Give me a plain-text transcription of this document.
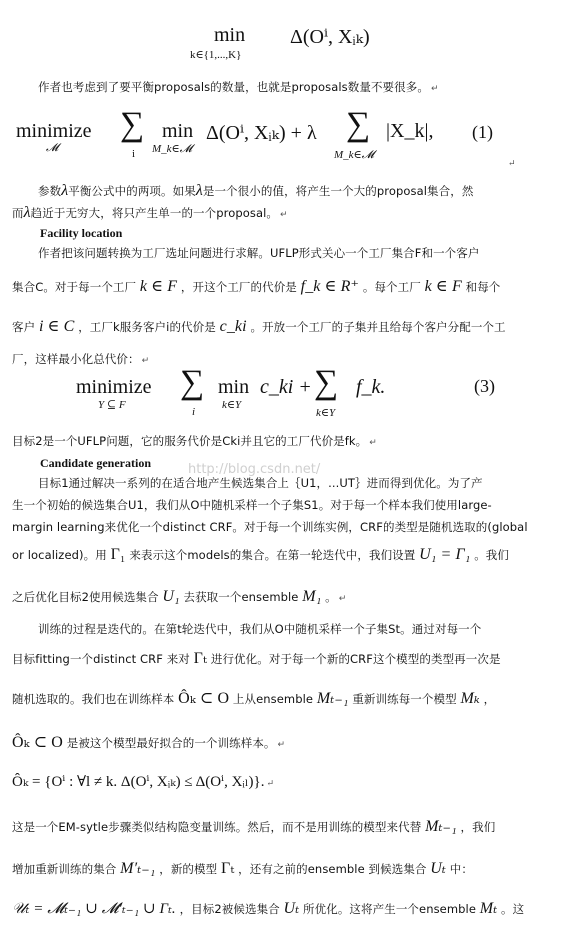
min
k∈{1,...,K}
Δ(Oⁱ, Xᵢₖ)
作者也考虑到了要平衡proposals的数量，也就是proposals数量不要很多。 ↵
minimize
𝓜
∑
i
min
M_k∈𝓜
Δ(Oⁱ, Xᵢₖ) + λ ∑
M_k∈𝓜
|X_k|, (1)
↵
参数λ平衡公式中的两项。如果λ是一个很小的值，将产生一个大的proposal集合，然
而λ趋近于无穷大，将只产生单一的一个proposal。 ↵
Facility location
作者把该问题转换为工厂选址问题进行求解。UFLP形式关心一个工厂集合F和一个客户
集合C。对于每一个工厂 k ∈ F ，开这个工厂的代价是 f_k ∈ R⁺ 。每个工厂 k ∈ F 和每个
客户 i ∈ C ，工厂k服务客户i的代价是 c_ki 。开放一个工厂的子集并且给每个客户分配一个工
厂，这样最小化总代价： ↵
minimize
Y ⊆ F
∑
i
min
k∈Y
c_ki + ∑
k∈Y
f_k.	(3)
目标2是一个UFLP问题，它的服务代价是Cki并且它的工厂代价是fk。 ↵
Candidate generation	http://blog.csdn.net/
目标1通过解决一系列的在适合地产生候选集合上｛U1，...UT｝进而得到优化。为了产
生一个初始的候选集合U1，我们从O中随机采样一个子集S1。对于每一个样本我们使用large-
margin learning来优化一个distinct CRF。对于每一个训练实例，CRF的类型是随机选取的(global
or localized)。用 Γ₁ 来表示这个models的集合。在第一轮迭代中，我们设置 U₁ = Γ₁ 。我们
之后优化目标2使用候选集合 U₁ 去获取一个ensemble M₁ 。 ↵
训练的过程是迭代的。在第t轮迭代中，我们从O中随机采样一个子集St。通过对每一个
目标fitting一个distinct CRF 来对 Γₜ 进行优化。对于每一个新的CRF这个模型的类型再一次是
随机选取的。我们也在训练样本 Ôₖ ⊂ O 上从ensemble Mₜ₋₁ 重新训练每一个模型 Mₖ ，
Ôₖ ⊂ O 是被这个模型最好拟合的一个训练样本。 ↵
Ôₖ = {Oⁱ : ∀l ≠ k. Δ(Oⁱ, Xᵢₖ) ≤ Δ(Oⁱ, Xᵢₗ)}. ↵
这是一个EM-sytle步骤类似结构隐变量训练。然后，而不是用训练的模型来代替 Mₜ₋₁ ，我们
增加重新训练的集合 M′ₜ₋₁ ，新的模型 Γₜ ，还有之前的ensemble 到候选集合 Uₜ 中：
𝒰ₜ = 𝓜ₜ₋₁ ∪ 𝓜′ₜ₋₁ ∪ Γₜ. ，目标2被候选集合 Uₜ 所优化。这将产生一个ensemble Mₜ 。这
